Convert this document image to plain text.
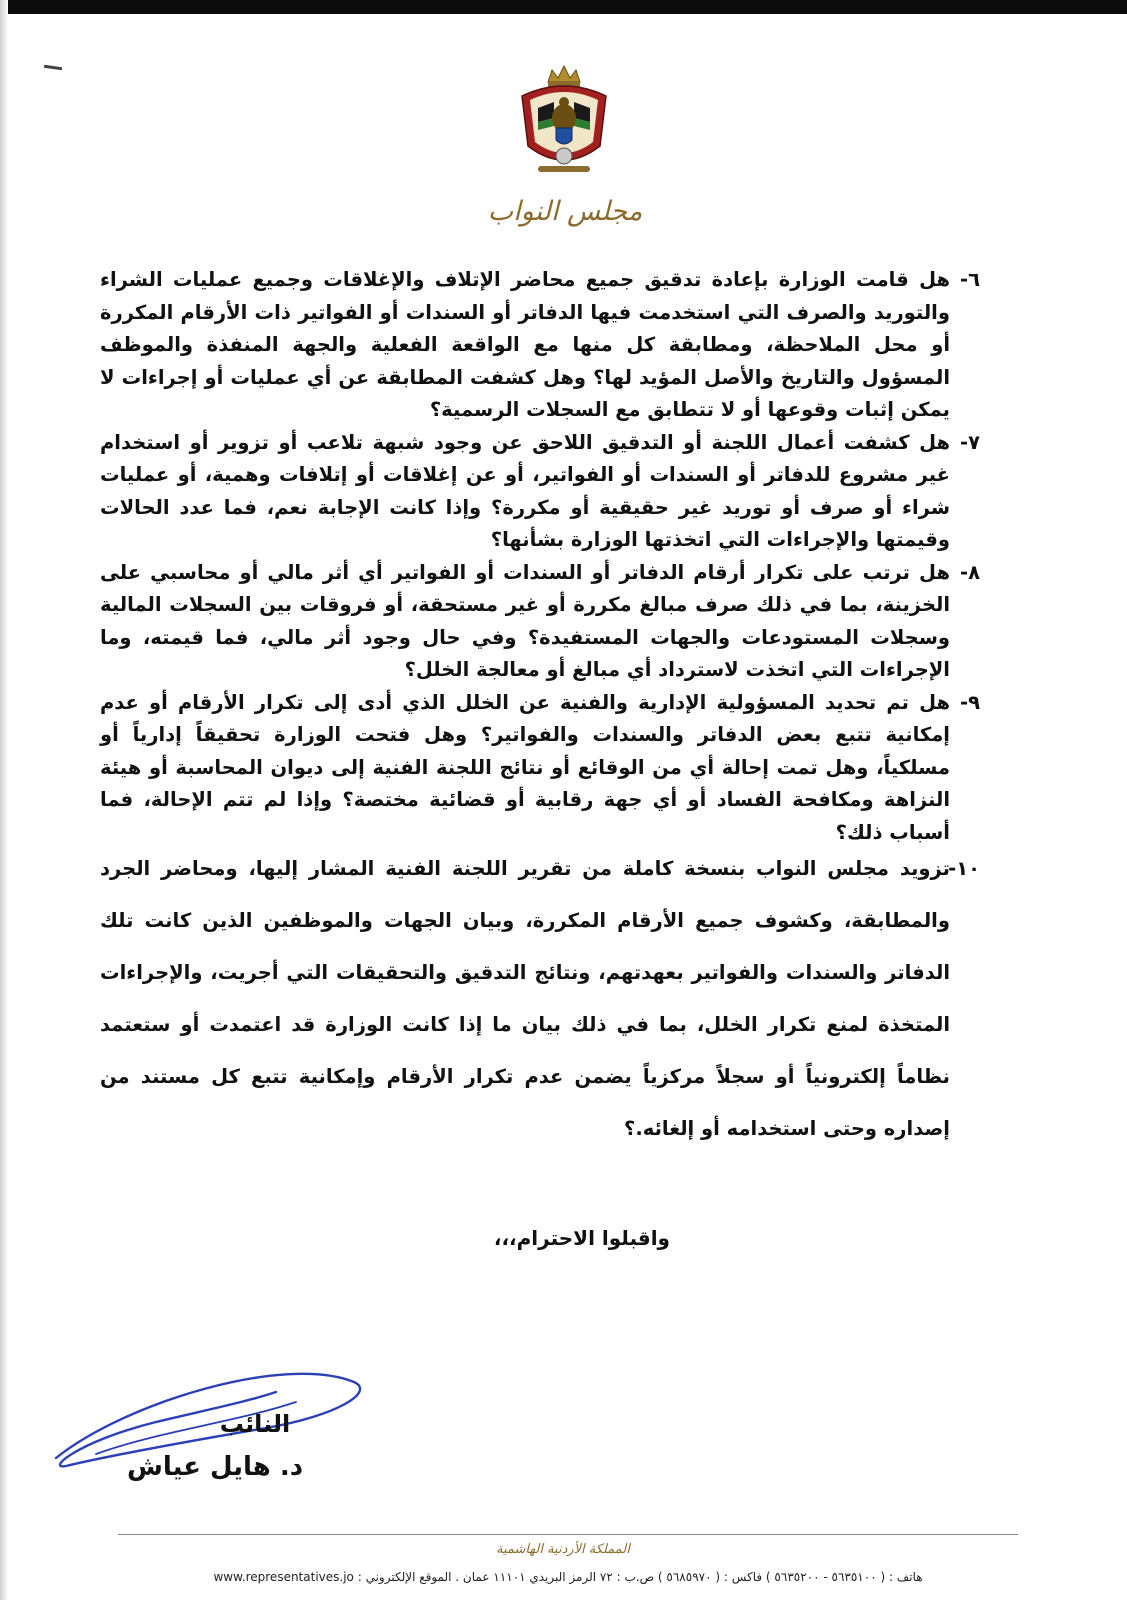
مجلس النواب

٦-
هل قامت الوزارة بإعادة تدقيق جميع محاضر الإتلاف والإغلاقات وجميع عمليات الشراء والتوريد والصرف التي استخدمت فيها الدفاتر أو السندات أو الفواتير ذات الأرقام المكررة أو محل الملاحظة، ومطابقة كل منها مع الواقعة الفعلية والجهة المنفذة والموظف المسؤول والتاريخ والأصل المؤيد لها؟ وهل كشفت المطابقة عن أي عمليات أو إجراءات لا يمكن إثبات وقوعها أو لا تتطابق مع السجلات الرسمية؟

٧-
هل كشفت أعمال اللجنة أو التدقيق اللاحق عن وجود شبهة تلاعب أو تزوير أو استخدام غير مشروع للدفاتر أو السندات أو الفواتير، أو عن إغلاقات أو إتلافات وهمية، أو عمليات شراء أو صرف أو توريد غير حقيقية أو مكررة؟ وإذا كانت الإجابة نعم، فما عدد الحالات وقيمتها والإجراءات التي اتخذتها الوزارة بشأنها؟

٨-
هل ترتب على تكرار أرقام الدفاتر أو السندات أو الفواتير أي أثر مالي أو محاسبي على الخزينة، بما في ذلك صرف مبالغ مكررة أو غير مستحقة، أو فروقات بين السجلات المالية وسجلات المستودعات والجهات المستفيدة؟ وفي حال وجود أثر مالي، فما قيمته، وما الإجراءات التي اتخذت لاسترداد أي مبالغ أو معالجة الخلل؟

٩-
هل تم تحديد المسؤولية الإدارية والفنية عن الخلل الذي أدى إلى تكرار الأرقام أو عدم إمكانية تتبع بعض الدفاتر والسندات والفواتير؟ وهل فتحت الوزارة تحقيقاً إدارياً أو مسلكياً، وهل تمت إحالة أي من الوقائع أو نتائج اللجنة الفنية إلى ديوان المحاسبة أو هيئة النزاهة ومكافحة الفساد أو أي جهة رقابية أو قضائية مختصة؟ وإذا لم تتم الإحالة، فما أسباب ذلك؟

١٠-
تزويد مجلس النواب بنسخة كاملة من تقرير اللجنة الفنية المشار إليها، ومحاضر الجرد والمطابقة، وكشوف جميع الأرقام المكررة، وبيان الجهات والموظفين الذين كانت تلك الدفاتر والسندات والفواتير بعهدتهم، ونتائج التدقيق والتحقيقات التي أجريت، والإجراءات المتخذة لمنع تكرار الخلل، بما في ذلك بيان ما إذا كانت الوزارة قد اعتمدت أو ستعتمد نظاماً إلكترونياً أو سجلاً مركزياً يضمن عدم تكرار الأرقام وإمكانية تتبع كل مستند من إصداره وحتى استخدامه أو إلغائه.؟

واقبلوا الاحترام،،،
النائب
د. هايل عياش
المملكة الأردنية الهاشمية
هاتف : ( ٥٦٣٥١٠٠ - ٥٦٣٥٢٠٠ ) فاكس : ( ٥٦٨٥٩٧٠ ) ص.ب : ٧٢ الرمز البريدي ١١١٠١ عمان . الموقع الإلكتروني : www.representatives.jo
